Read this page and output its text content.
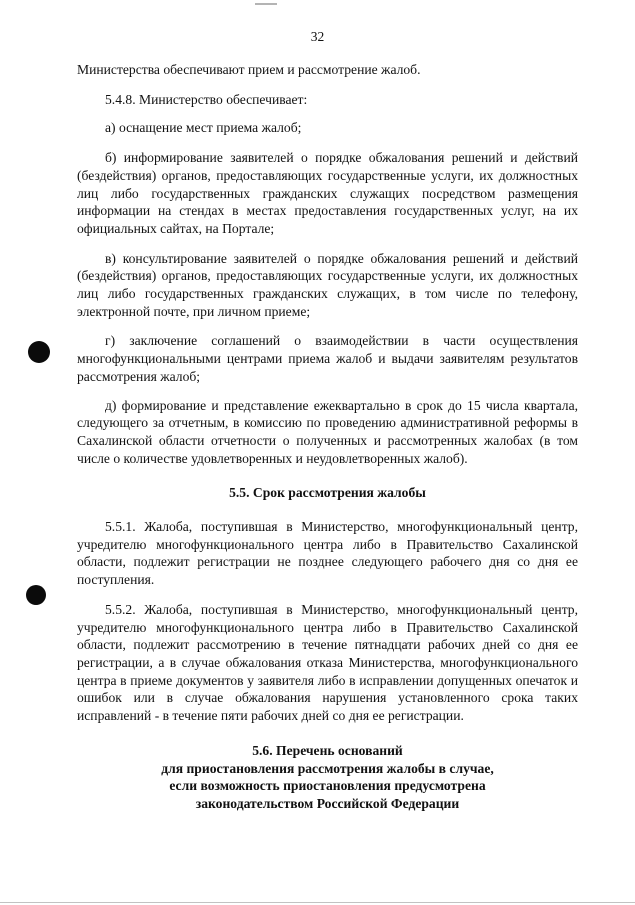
32

Министерства обеспечивают прием и рассмотрение жалоб.

5.4.8. Министерство обеспечивает:

а) оснащение мест приема жалоб;

б) информирование заявителей о порядке обжалования решений и действий (бездействия) органов, предоставляющих государственные услуги, их должностных лиц либо государственных гражданских служащих посредством размещения информации на стендах в местах предоставления государственных услуг, на их официальных сайтах, на Портале;

в) консультирование заявителей о порядке обжалования решений и действий (бездействия) органов, предоставляющих государственные услуги, их должностных лиц либо государственных гражданских служащих, в том числе по телефону, электронной почте, при личном приеме;

г) заключение соглашений о взаимодействии в части осуществления многофункциональными центрами приема жалоб и выдачи заявителям результатов рассмотрения жалоб;

д) формирование и представление ежеквартально в срок до 15 числа квартала, следующего за отчетным, в комиссию по проведению административной реформы в Сахалинской области отчетности о полученных и рассмотренных жалобах (в том числе о количестве удовлетворенных и неудовлетворенных жалоб).

5.5. Срок рассмотрения жалобы

5.5.1. Жалоба, поступившая в Министерство, многофункциональный центр, учредителю многофункционального центра либо в Правительство Сахалинской области, подлежит регистрации не позднее следующего рабочего дня со дня ее поступления.

5.5.2. Жалоба, поступившая в Министерство, многофункциональный центр, учредителю многофункционального центра либо в Правительство Сахалинской области, подлежит рассмотрению в течение пятнадцати рабочих дней со дня ее регистрации, а в случае обжалования отказа Министерства, многофункционального центра в приеме документов у заявителя либо в исправлении допущенных опечаток и ошибок или в случае обжалования нарушения установленного срока таких исправлений - в течение пяти рабочих дней со дня ее регистрации.

5.6. Перечень оснований

для приостановления рассмотрения жалобы в случае,

если возможность приостановления предусмотрена

законодательством Российской Федерации
